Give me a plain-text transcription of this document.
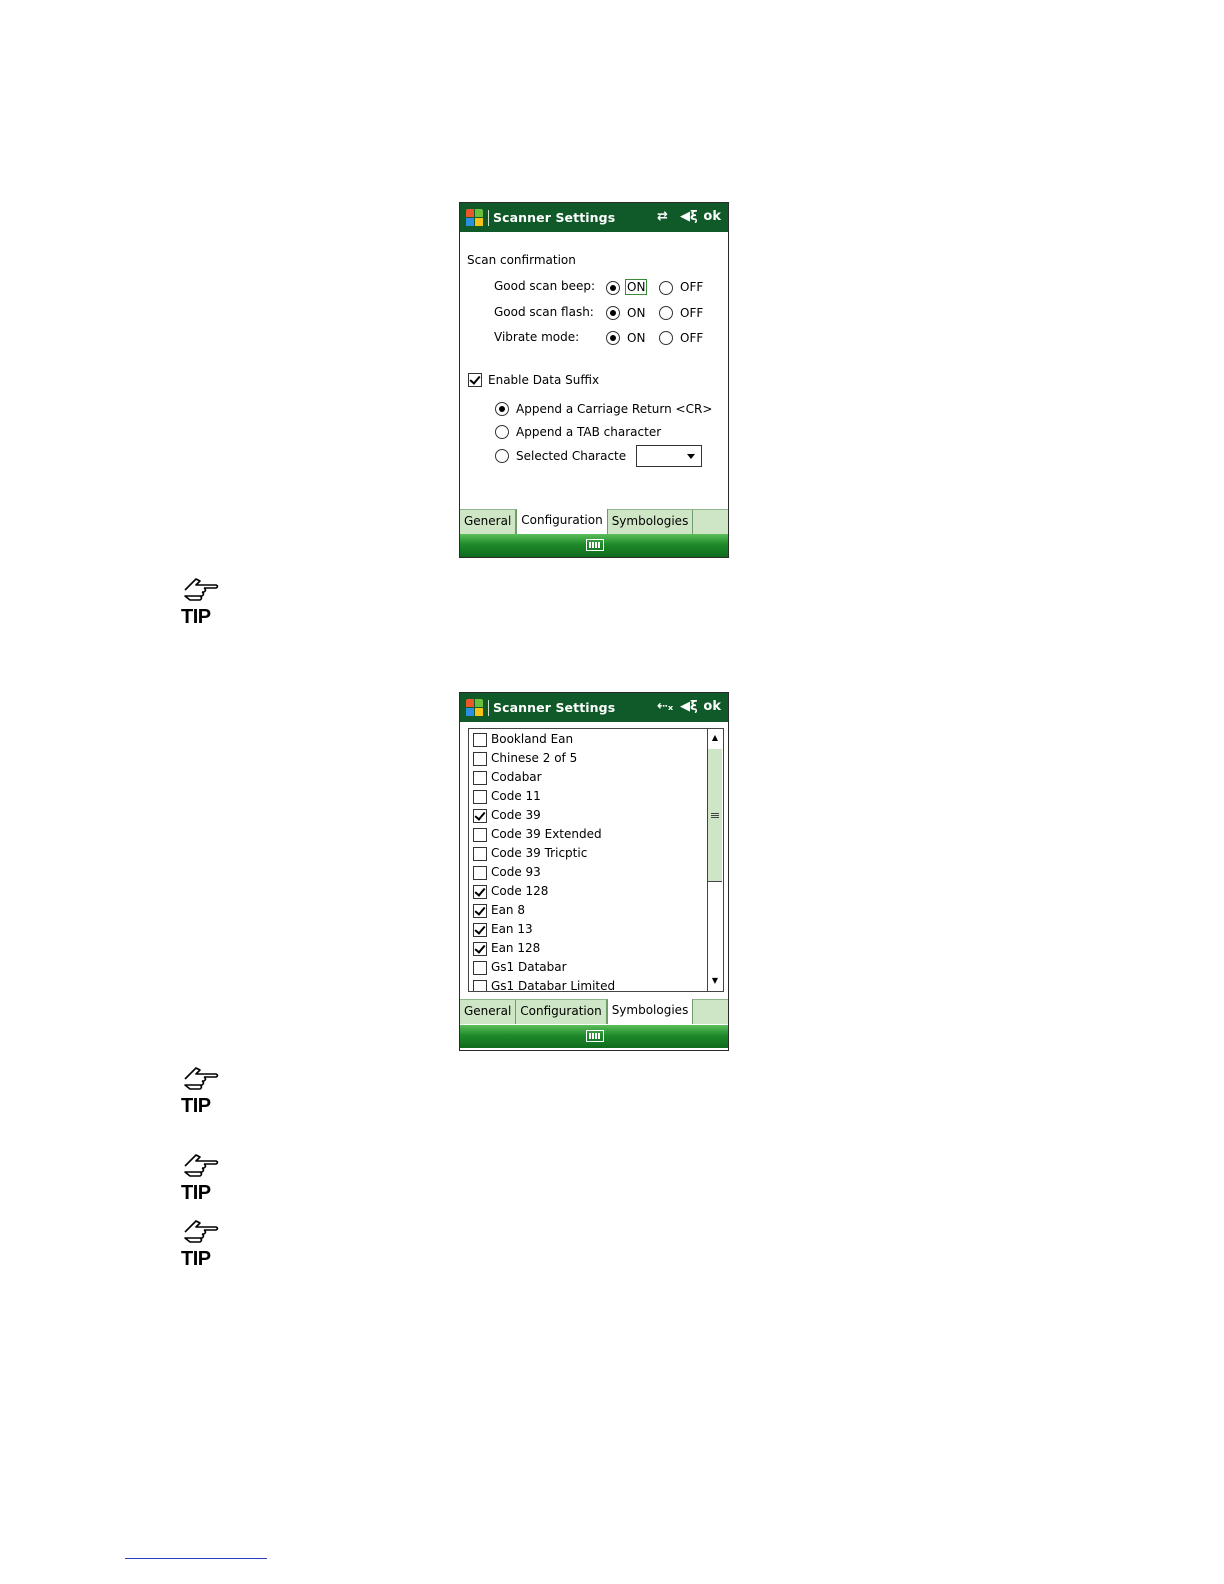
Scanner Settings	⇄ ◀ξ ok
Scan confirmation
Good scan beep:	ON	OFF
Good scan flash:	ON	OFF
Vibrate mode:	ON	OFF
Enable Data Suffix
Append a Carriage Return <CR>
Append a TAB character
Selected Characte
General Configuration Symbologies
TIP
Scanner Settings	⇠ₓ ◀ξ ok
Bookland Ean
Chinese 2 of 5
Codabar
Code 11
Code 39
Code 39 Extended
Code 39 Tricptic
Code 93
Code 128
Ean 8
Ean 13
Ean 128
Gs1 Databar
Gs1 Databar Limited
▲
▼
General Configuration Symbologies
TIP
TIP
TIP
